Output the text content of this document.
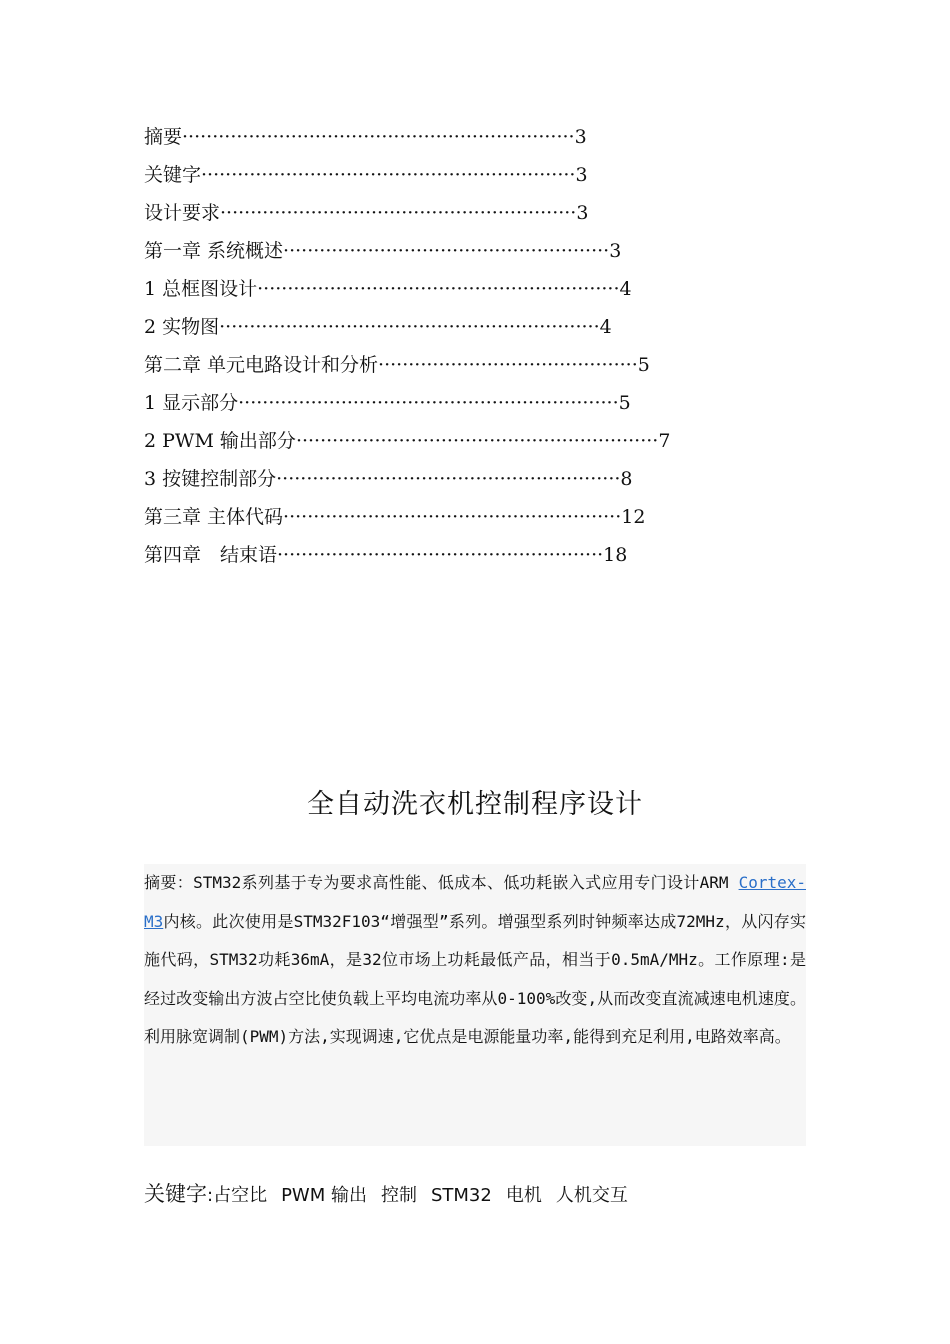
摘要·································································3
关键字······························································3
设计要求···························································3
第一章 系统概述······················································3
1 总框图设计····························································4
2 实物图·······························································4
第二章 单元电路设计和分析···········································5
1 显示部分·······························································5
2 PWM 输出部分····························································7
3 按键控制部分·························································8
第三章 主体代码························································12
第四章　结束语······················································18
全自动洗衣机控制程序设计
摘要：STM32系列基于专为要求高性能、低成本、低功耗嵌入式应用专门设计ARM Cortex-M3内核。此次使用是STM32F103“增强型”系列。增强型系列时钟频率达成72MHz，从闪存实施代码，STM32功耗36mA，是32位市场上功耗最低产品，相当于0.5mA/MHz。工作原理:是经过改变输出方波占空比使负载上平均电流功率从0-100%改变,从而改变直流减速电机速度。利用脉宽调制(PWM)方法,实现调速,它优点是电源能量功率,能得到充足利用,电路效率高。
关键字:占空比 PWM 输出 控制 STM32 电机 人机交互
